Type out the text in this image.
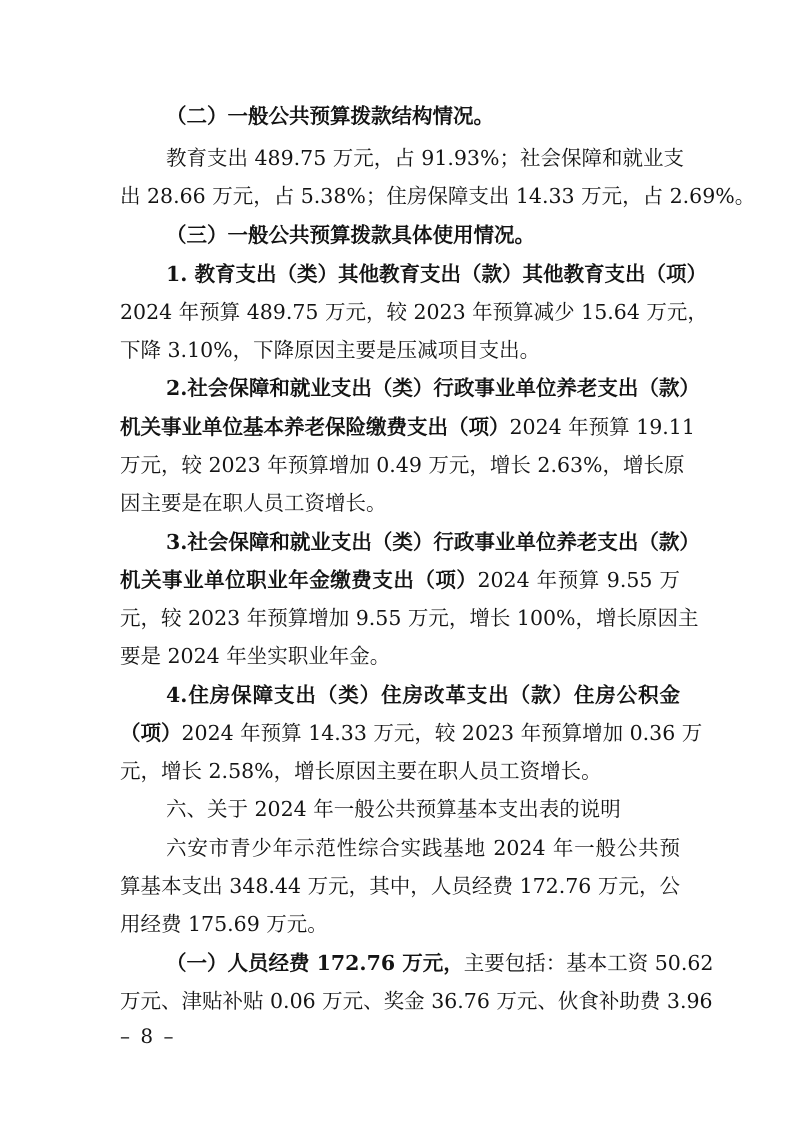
（二）一般公共预算拨款结构情况。
教育支出 489.75 万元，占 91.93%；社会保障和就业支
出 28.66 万元，占 5.38%；住房保障支出 14.33 万元，占 2.69%。
（三）一般公共预算拨款具体使用情况。
1. 教育支出（类）其他教育支出（款）其他教育支出（项）
2024 年预算 489.75 万元，较 2023 年预算减少 15.64 万元，
下降 3.10%，下降原因主要是压减项目支出。
2.社会保障和就业支出（类）行政事业单位养老支出（款）
机关事业单位基本养老保险缴费支出（项）2024 年预算 19.11
万元，较 2023 年预算增加 0.49 万元，增长 2.63%，增长原
因主要是在职人员工资增长。
3.社会保障和就业支出（类）行政事业单位养老支出（款）
机关事业单位职业年金缴费支出（项）2024 年预算 9.55 万
元，较 2023 年预算增加 9.55 万元，增长 100%，增长原因主
要是 2024 年坐实职业年金。
4.住房保障支出（类）住房改革支出（款）住房公积金
（项）2024 年预算 14.33 万元，较 2023 年预算增加 0.36 万
元，增长 2.58%，增长原因主要在职人员工资增长。
六、关于 2024 年一般公共预算基本支出表的说明
六安市青少年示范性综合实践基地 2024 年一般公共预
算基本支出 348.44 万元，其中，人员经费 172.76 万元，公
用经费 175.69 万元。
（一）人员经费 172.76 万元，主要包括：基本工资 50.62
万元、津贴补贴 0.06 万元、奖金 36.76 万元、伙食补助费 3.96
– 8 –
